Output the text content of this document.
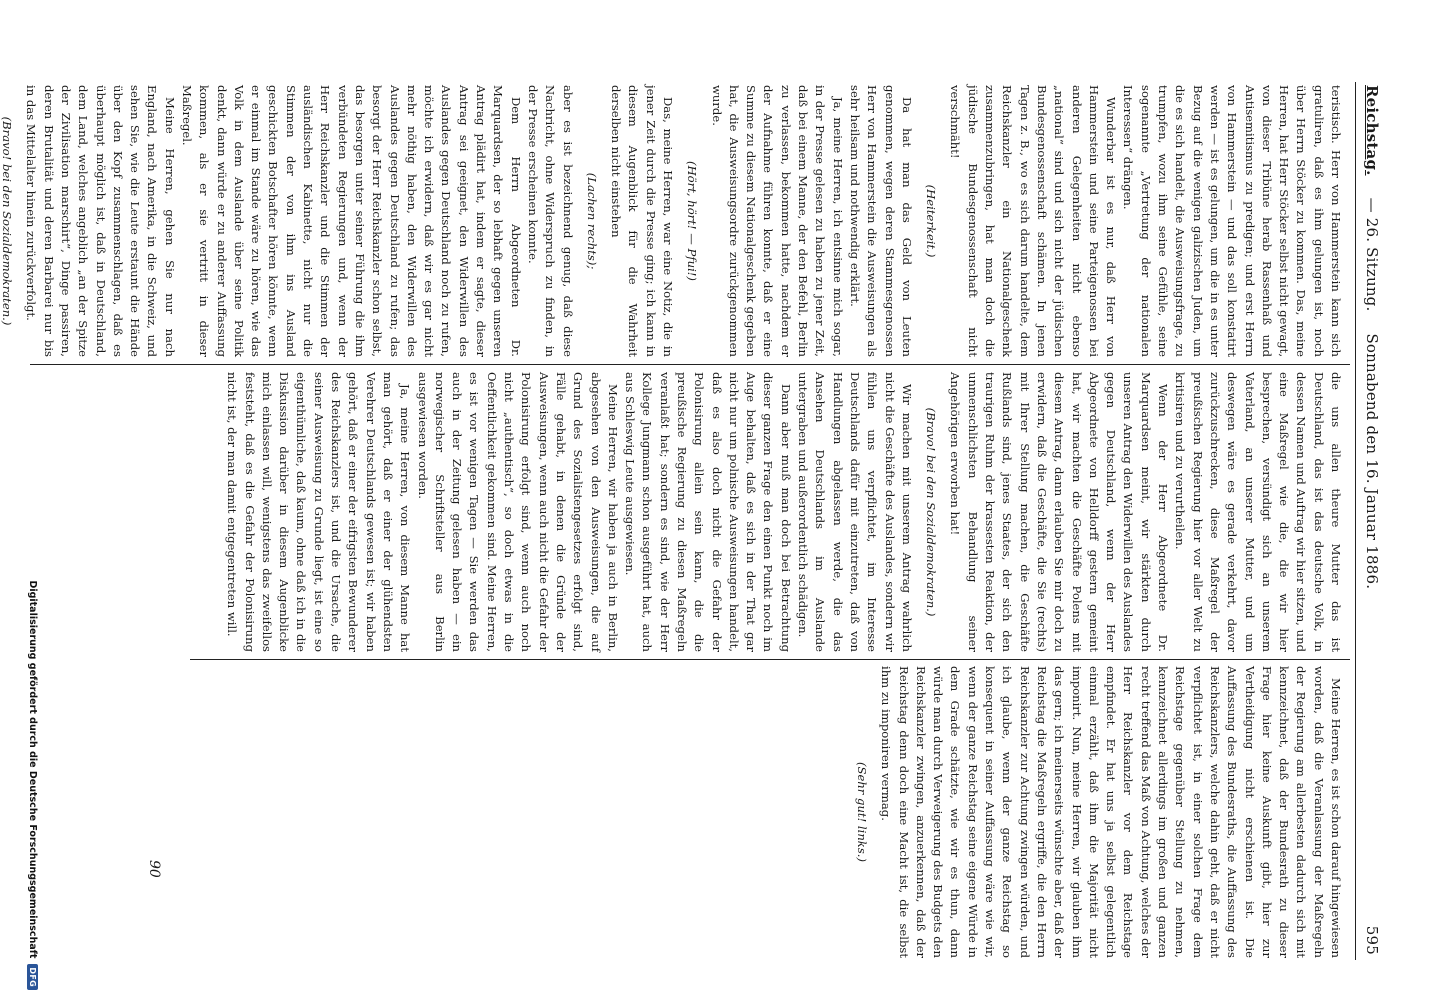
Reichstag.
— 26. Sitzung.
Sonnabend den 16. Januar 1886.
595

teristisch. Herr von Hammerstein kann sich gratuliren, daß es ihm gelungen ist, noch über Herrn Stöcker zu kommen. Das, meine Herren, hat Herr Stöcker selbst nicht gewagt, von dieser Tribüne herab Rassenhaß und Antisemitismus zu predigen; und erst Herrn von Hammerstein — und das soll konstatirt werden — ist es gelungen, um die in es unter Bezug auf die wenigen galizischen Juden, um die es sich handelt, die Ausweisungsfrage, zu trumpfen, wozu ihm seine Gefühle, seine sogenannte „Vertretung der nationalen Interessen“ drängen.

Wunderbar ist es nur, daß Herr von Hammerstein und seine Parteigenossen bei anderen Gelegenheiten nicht ebenso „national“ sind und sich nicht der jüdischen Bundesgenossenschaft schämen. In jenen Tagen z. B., wo es sich darum handelte, dem Reichskanzler ein Nationalgeschenk zusammenzubringen, hat man doch die jüdische Bundesgenossenschaft nicht verschmäht!

(Heiterkeit.)

Da hat man das Geld von Leuten genommen, wegen deren Stammesgenossen Herr von Hammerstein die Ausweisungen als sehr heilsam und nothwendig erklärt.

Ja, meine Herren, ich entsinne mich sogar, in der Presse gelesen zu haben zu jener Zeit, daß bei einem Manne, der den Befehl, Berlin zu verlassen, bekommen hatte, nachdem er der Aufnahme führen konnte, daß er eine Summe zu diesem Nationalgeschenk gegeben hat, die Ausweisungsordre zurückgenommen wurde.

(Hört, hört! — Pfui!)

Das, meine Herren, war eine Notiz, die in jener Zeit durch die Presse ging; ich kann in diesem Augenblick für die Wahrheit derselben nicht einstehen

(Lachen rechts);

aber es ist bezeichnend genug, daß diese Nachricht, ohne Widerspruch zu finden, in der Presse erscheinen konnte.

Dem Herrn Abgeordneten Dr. Marquardsen, der so lebhaft gegen unseren Antrag plädirt hat, indem er sagte, dieser Antrag sei geeignet, den Widerwillen des Auslandes gegen Deutschland noch zu rufen, möchte ich erwidern, daß wir es gar nicht mehr nöthig haben, den Widerwillen des Auslandes gegen Deutschland zu rufen; das besorgt der Herr Reichskanzler schon selbst, das besorgen unter seiner Führung die ihm verbündeten Regierungen und, wenn der Herr Reichskanzler und die Stimmen der ausländischen Kabinette, nicht nur die Stimmen der von ihm ins Ausland geschickten Botschafter hören könnte, wenn er einmal im Stande wäre zu hören, wie das Volk in dem Auslande über seine Politik denkt, dann würde er zu anderer Auffassung kommen, als er sie vertritt in dieser Maßregel.

Meine Herren, gehen Sie nur nach England, nach Amerika, in die Schweiz, und sehen Sie, wie die Leute erstaunt die Hände über den Kopf zusammenschlagen, daß es überhaupt möglich ist, daß in Deutschland, dem Land, welches angeblich „an der Spitze der Zivilisation marschirt“, Dinge passiren, deren Brutalität und deren Barbarei nur bis in das Mittelalter hinein zurückverfolgt.

(Bravo! bei den Sozialdemokraten.)

die uns allen theure Mutter das ist Deutschland, das ist das deutsche Volk, in dessen Namen und Auftrag wir hier sitzen, und eine Maßregel wie die, die wir hier besprechen, versündigt sich an unserem Vaterland, an unserer Mutter, und um deswegen wäre es gerade verkehrt, davor zurückzuschrecken, diese Maßregel der preußischen Regierung hier vor aller Welt zu kritisiren und zu verurtheilen.

Wenn der Herr Abgeordnete Dr. Marquardsen meint, wir stärkten durch unseren Antrag den Widerwillen des Auslandes gegen Deutschland, wenn der Herr Abgeordnete von Helldorff gestern gemeint hat, wir machten die Geschäfte Polens mit diesem Antrag, dann erlauben Sie mir doch zu erwidern, daß die Geschäfte, die Sie (rechts) mit Ihrer Stellung machen, die Geschäfte Rußlands sind, jenes Staates, der sich den traurigen Ruhm der krassesten Reaktion, der unmenschlichsten Behandlung seiner Angehörigen erworben hat!

(Bravo! bei den Sozialdemokraten.)

Wir machen mit unserem Antrag wahrlich nicht die Geschäfte des Auslandes, sondern wir fühlen uns verpflichtet, im Interesse Deutschlands dafür mit einzutreten, daß von Handlungen abgelassen werde, die das Ansehen Deutschlands im Auslande untergraben und außerordentlich schädigen.

Dann aber muß man doch bei Betrachtung dieser ganzen Frage den einen Punkt noch im Auge behalten, daß es sich in der That gar nicht nur um polnische Ausweisungen handelt, daß es also doch nicht die Gefahr der Polonisirung allein sein kann, die die preußische Regierung zu diesen Maßregeln veranlaßt hat; sondern es sind, wie der Herr Kollege Jungmann schon ausgeführt hat, auch aus Schleswig Leute ausgewiesen.

Meine Herren, wir haben ja auch in Berlin, abgesehen von den Ausweisungen, die auf Grund des Sozialistengesetzes erfolgt sind, Fälle gehabt, in denen die Gründe der Ausweisungen, wenn auch nicht die Gefahr der Polonisirung erfolgt sind, wenn auch noch nicht „authentisch“, so doch etwas in die Oeffentlichkeit gekommen sind. Meine Herren, es ist vor wenigen Tagen — Sie werden das auch in der Zeitung gelesen haben — ein norwegischer Schriftsteller aus Berlin ausgewiesen worden.

Ja, meine Herren, von diesem Manne hat man gehört, daß er einer der glühendsten Verehrer Deutschlands gewesen ist; wir haben gehört, daß er einer der eifrigsten Bewunderer des Reichskanzlers ist, und die Ursache, die seiner Ausweisung zu Grunde liegt, ist eine so eigenthümliche, daß kaum, ohne daß ich in die Diskussion darüber in diesem Augenblicke mich einlassen will, wenigstens das zweifellos feststeht, daß es die Gefahr der Polonisirung nicht ist, der man damit entgegentreten will.

Meine Herren, es ist schon darauf hingewiesen worden, daß die Veranlassung der Maßregeln der Regierung am allerbesten dadurch sich mit kennzeichnet, daß der Bundesrath zu dieser Frage hier keine Auskunft gibt, hier zur Vertheidigung nicht erschienen ist. Die Auffassung des Bundesraths, die Auffassung des Reichskanzlers, welche dahin geht, daß er nicht verpflichtet ist, in einer solchen Frage dem Reichstage gegenüber Stellung zu nehmen, kennzeichnet allerdings im großen und ganzen recht treffend das Maß von Achtung, welches der Herr Reichskanzler vor dem Reichstage empfindet. Er hat uns ja selbst gelegentlich einmal erzählt, daß ihm die Majorität nicht imponirt. Nun, meine Herren, wir glauben ihm das gern; ich meinerseits wünschte aber, daß der Reichstag die Maßregeln ergriffe, die den Herrn Reichskanzler zur Achtung zwingen würden, und ich glaube, wenn der ganze Reichstag so konsequent in seiner Auffassung wäre wie wir, wenn der ganze Reichstag seine eigene Würde in dem Grade schätzte, wie wir es thun, dann würde man durch Verweigerung des Budgets den Reichskanzler zwingen, anzuerkennen, daß der Reichstag denn doch eine Macht ist, die selbst ihm zu imponiren vermag.

(Sehr gut! links.)
90
Digitalisierung gefördert durch die Deutsche Forschungsgemeinschaft
DFG
